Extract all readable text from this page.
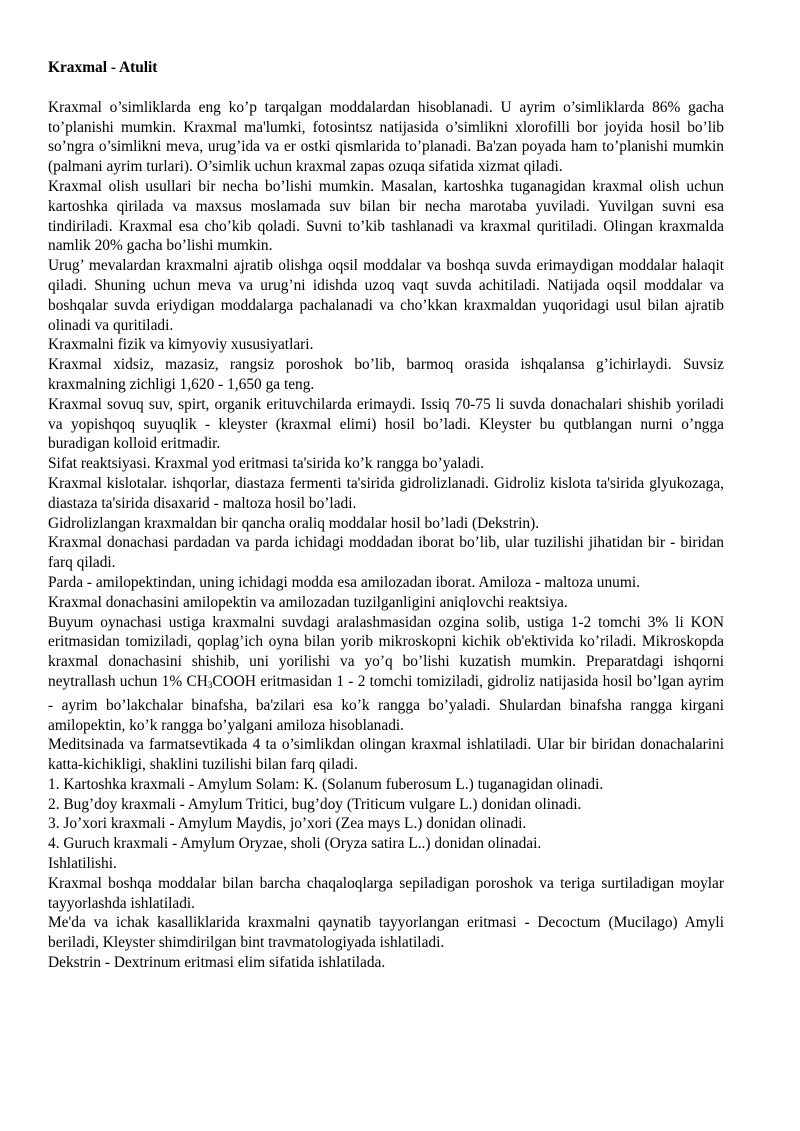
Kraxmal - Atulit

Kraxmal o’simliklarda eng ko’p tarqalgan moddalardan hisoblanadi. U ayrim o’simliklarda 86% gacha to’planishi mumkin. Kraxmal ma'lumki, fotosintsz natijasida o’simlikni xlorofilli bor joyida hosil bo’lib so’ngra o’simlikni meva, urug’ida va er ostki qismlarida to’planadi. Ba'zan poyada ham to’planishi mumkin (palmani ayrim turlari). O’simlik uchun kraxmal zapas ozuqa sifatida xizmat qiladi.

Kraxmal olish usullari bir necha bo’lishi mumkin. Masalan, kartoshka tuganagidan kraxmal olish uchun kartoshka qirilada va maxsus moslamada suv bilan bir necha marotaba yuviladi. Yuvilgan suvni esa tindiriladi. Kraxmal esa cho’kib qoladi. Suvni to’kib tashlanadi va kraxmal quritiladi. Olingan kraxmalda namlik 20% gacha bo’lishi mumkin.

Urug’ mevalardan kraxmalni ajratib olishga oqsil moddalar va boshqa suvda erimaydigan moddalar halaqit qiladi. Shuning uchun meva va urug’ni idishda uzoq vaqt suvda achitiladi. Natijada oqsil moddalar va boshqalar suvda eriydigan moddalarga pachalanadi va cho’kkan kraxmaldan yuqoridagi usul bilan ajratib olinadi va quritiladi.

Kraxmalni fizik va kimyoviy xususiyatlari.

Kraxmal xidsiz, mazasiz, rangsiz poroshok bo’lib, barmoq orasida ishqalansa g’ichirlaydi. Suvsiz kraxmalning zichligi 1,620 - 1,650 ga teng.

Kraxmal sovuq suv, spirt, organik erituvchilarda erimaydi. Issiq 70-75 li suvda donachalari shishib yoriladi va yopishqoq suyuqlik - kleyster (kraxmal elimi) hosil bo’ladi. Kleyster bu qutblangan nurni o’ngga buradigan kolloid eritmadir.

Sifat reaktsiyasi. Kraxmal yod eritmasi ta'sirida ko’k rangga bo’yaladi.

Kraxmal kislotalar. ishqorlar, diastaza fermenti ta'sirida gidrolizlanadi. Gidroliz kislota ta'sirida glyukozaga, diastaza ta'sirida disaxarid - maltoza hosil bo’ladi.

Gidrolizlangan kraxmaldan bir qancha oraliq moddalar hosil bo’ladi (Dekstrin).

Kraxmal donachasi pardadan va parda ichidagi moddadan iborat bo’lib, ular tuzilishi jihatidan bir - biridan farq qiladi.

Parda - amilopektindan, uning ichidagi modda esa amilozadan iborat. Amiloza - maltoza unumi.

Kraxmal donachasini amilopektin va amilozadan tuzilganligini aniqlovchi reaktsiya.

Buyum oynachasi ustiga kraxmalni suvdagi aralashmasidan ozgina solib, ustiga 1-2 tomchi 3% li KON eritmasidan tomiziladi, qoplag’ich oyna bilan yorib mikroskopni kichik ob'ektivida ko’riladi. Mikroskopda kraxmal donachasini shishib, uni yorilishi va yo’q bo’lishi kuzatish mumkin. Preparatdagi ishqorni neytrallash uchun 1% $CH_3COOH$ eritmasidan 1 - 2 tomchi tomiziladi, gidroliz natijasida hosil bo’lgan ayrim - ayrim bo’lakchalar binafsha, ba'zilari esa ko’k rangga bo’yaladi. Shulardan binafsha rangga kirgani amilopektin, ko’k rangga bo’yalgani amiloza hisoblanadi.

Meditsinada va farmatsevtikada 4 ta o’simlikdan olingan kraxmal ishlatiladi. Ular bir biridan donachalarini katta-kichikligi, shaklini tuzilishi bilan farq qiladi.

1. Kartoshka kraxmali - Amylum Solam: K. (Solanum fuberosum L.) tuganagidan olinadi.

2. Bug’doy kraxmali - Amylum Tritici, bug’doy (Triticum vulgare L.) donidan olinadi.

3. Jo’xori kraxmali - Amylum Maydis, jo’xori (Zea mays L.) donidan olinadi.

4. Guruch kraxmali - Amylum Oryzae, sholi (Oryza satira L..) donidan olinadai.

Ishlatilishi.

Kraxmal boshqa moddalar bilan barcha chaqaloqlarga sepiladigan poroshok va teriga surtiladigan moylar tayyorlashda ishlatiladi.

Me'da va ichak kasalliklarida kraxmalni qaynatib tayyorlangan eritmasi - Decoctum (Mucilago) Amyli beriladi, Kleyster shimdirilgan bint travmatologiyada ishlatiladi.

Dekstrin - Dextrinum eritmasi elim sifatida ishlatilada.
